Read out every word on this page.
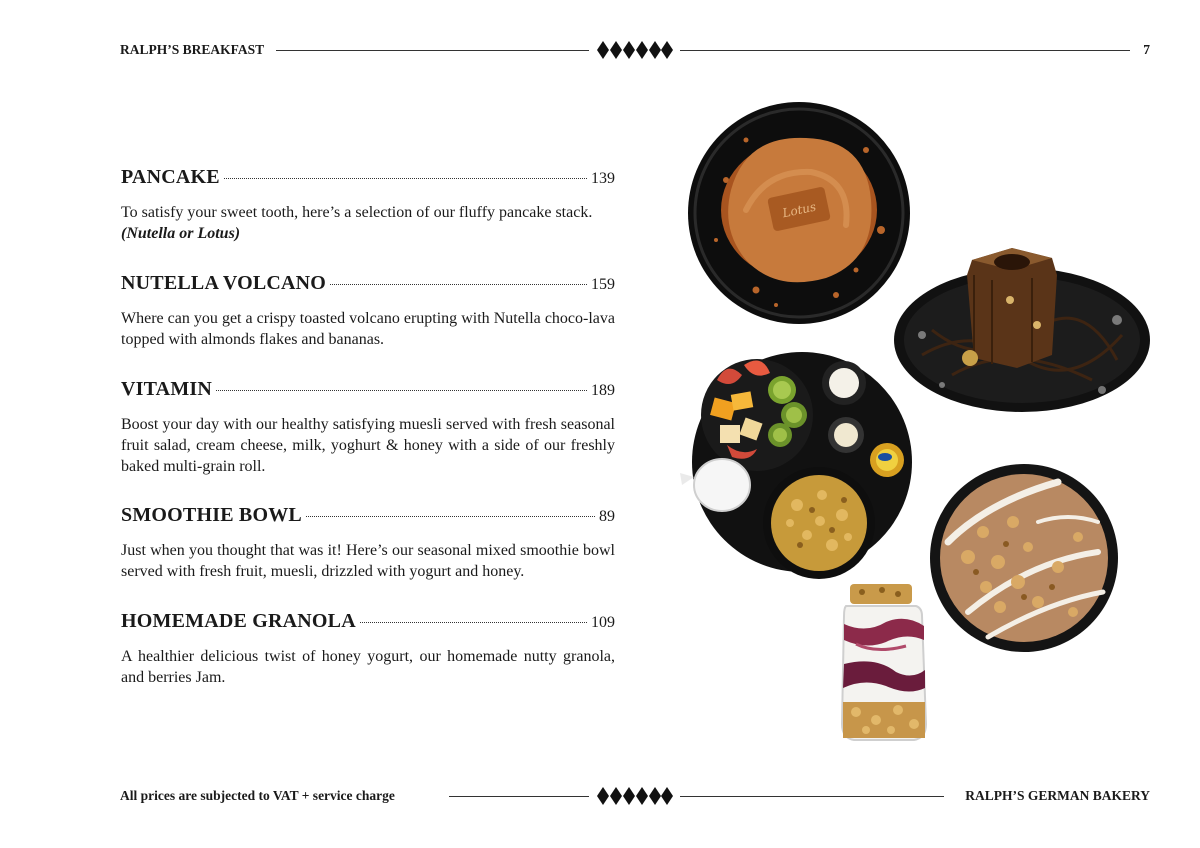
RALPH’S BREAKFAST	7
PANCAKE	139
To satisfy your sweet tooth, here’s a selection of our fluffy pancake stack.
(Nutella or Lotus)
NUTELLA VOLCANO	159
Where can you get a crispy toasted volcano erupting with Nutella choco-lava topped with almonds flakes and bananas.
VITAMIN	189
Boost your day with our healthy satisfying muesli served with fresh seasonal fruit salad, cream cheese, milk, yoghurt & honey with a side of our freshly baked multi-grain roll.
SMOOTHIE BOWL	89
Just when you thought that was it! Here’s our seasonal mixed smoothie bowl served with fresh fruit, muesli, drizzled with yogurt and honey.
HOMEMADE GRANOLA	109
A healthier delicious twist of honey yogurt, our homemade nutty granola, and berries Jam.
Lotus
All prices are subjected to VAT + service charge	RALPH’S GERMAN BAKERY
